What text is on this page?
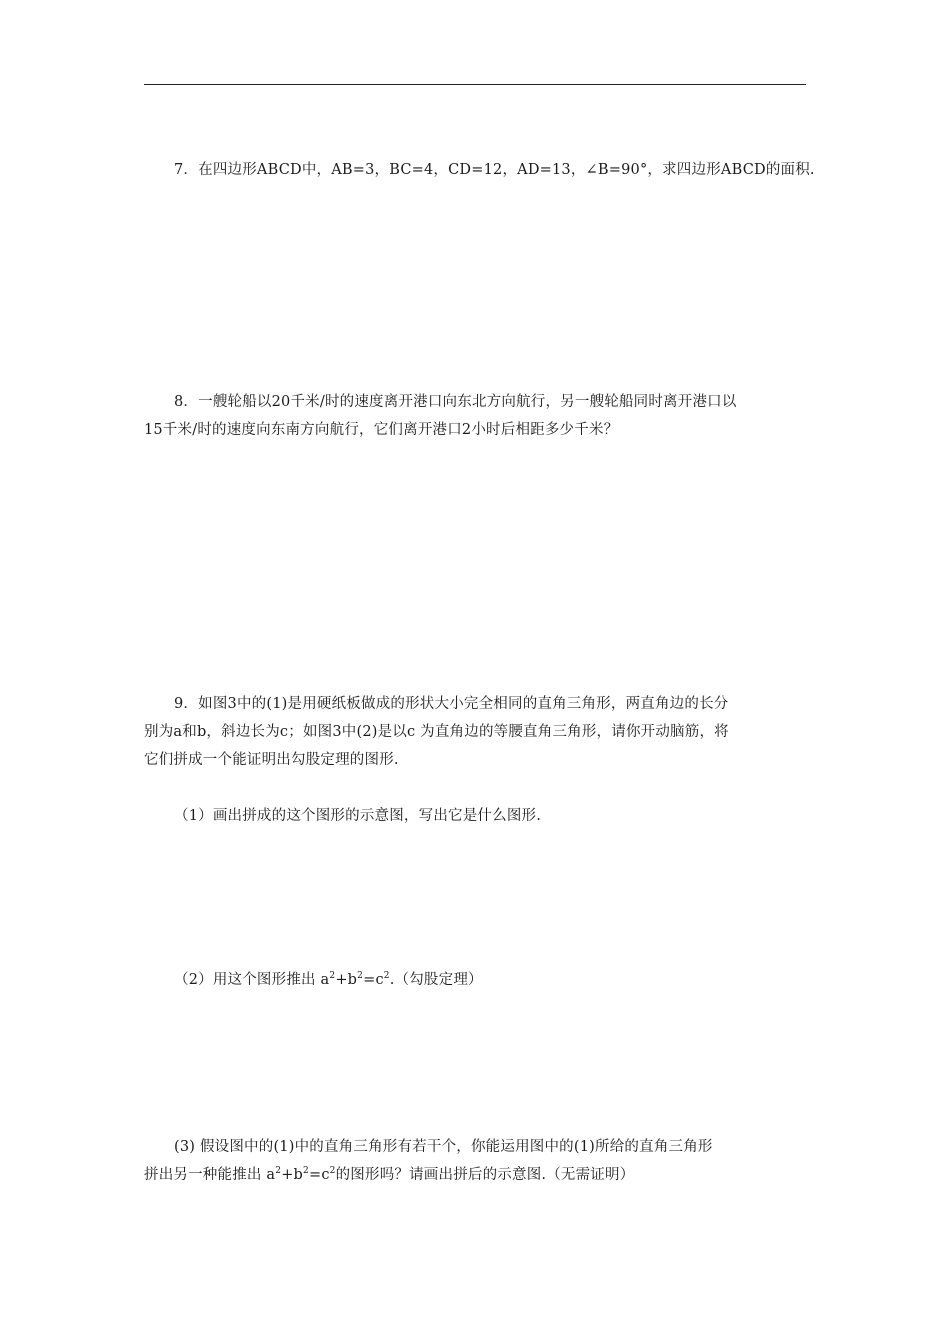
7．在四边形ABCD中，AB=3，BC=4，CD=12，AD=13，∠B=90°，求四边形ABCD的面积.

8．一艘轮船以20千米/时的速度离开港口向东北方向航行，另一艘轮船同时离开港口以
15千米/时的速度向东南方向航行，它们离开港口2小时后相距多少千米？

9．如图3中的(1)是用硬纸板做成的形状大小完全相同的直角三角形，两直角边的长分
别为a和b，斜边长为c；如图3中(2)是以c 为直角边的等腰直角三角形，请你开动脑筋，将
它们拼成一个能证明出勾股定理的图形.

（1）画出拼成的这个图形的示意图，写出它是什么图形.

（2）用这个图形推出 $a^2+b^2=c^2$.（勾股定理）

(3) 假设图中的(1)中的直角三角形有若干个，你能运用图中的(1)所给的直角三角形
拼出另一种能推出 $a^2+b^2=c^2$的图形吗？请画出拼后的示意图.（无需证明）
